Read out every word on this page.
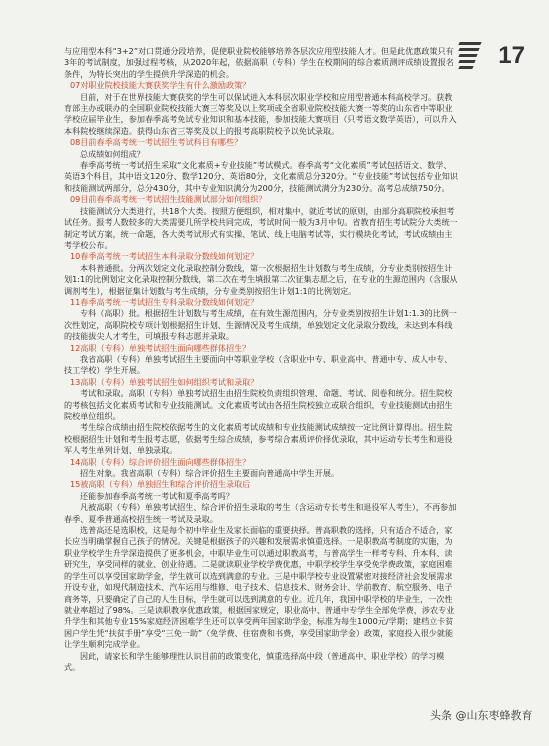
17

与应用型本科“3+2”对口贯通分段培养，促使职业院校能够培养各层次应用型技能人才。但是此优惠政策只有3年的考试制度，加强过程考核，从2020年起，依据高职（专科）学生在校期间的综合素质测评成绩设置报名条件，为特长突出的学生提供升学深造的机会。

07对职业院校技能大赛获奖学生有什么激励政策？

目前，对于在世界技能大赛获奖的学生可以保试进入本科层次职业学校和应用型普通本科高校学习。获教育部主办或联办的全国职业院校技能大赛三等奖及以上奖项或全省职业院校技能大赛一等奖的山东省中等职业学校应届毕业生，参加春季高考免试专业知识和基本技能，参加技能大赛项目（只考语文数学英语），可以升入本科院校继续深造。获得山东省三等奖及以上的报考高职院校予以免试录取。

08目前春季高考统一考试招生考试科目有哪些？

总成绩如何组成？

春季高考统一考试招生采取“文化素质+专业技能”考试模式。春季高考“文化素质”考试包括语文、数学、英语3个科目，其中语文120分、数学120分、英语80分，文化素质总分320分。“专业技能”考试包括专业知识和技能测试两部分，总分430分，其中专业知识满分为200分，技能测试满分为230分。高考总成绩750分。

09目前春季高考统一考试招生技能测试部分如何组织？

技能测试分大类进行，共18个大类。按照方便组织，相对集中，就近考试的原则，由部分高职院校承担考试任务。报考人数较多的大类需要几所学校共同完成，考试时间一般为3月中旬。省教育招生考试院分大类统一制定考试方案，统一命题，各大类考试形式有实操、笔试、线上电脑考试等，实行模块化考试，考试成绩由主考学校公布。

10春季高考统一考试招生本科录取分数线如何划定？

本科普通批。分两次划定文化录取控制分数线，第一次根据招生计划数与考生成绩，分专业类别按招生计划1:1的比例划定文化录取控制分数线，第二次在考生填报第二次征集志愿之后，在专业的生源范围内（含服从调剂考生），根据征集计划数与考生成绩，分专业类别按招生计划1:1的比例划定。

11春季高考统一考试招生专科录取分数线如何划定？

专科（高职）批。根据招生计划数与考生成绩，在有效生源范围内，分专业类别按招生计划1:1.3的比例一次性划定，高职院校专项计划根据招生计划、生源情况及考生成绩，单独划定文化录取分数线，未达到本科线的技能拔尖人才考生，可填报专科志愿并录取。

12高职（专科）单独考试招生面向哪些群体招生？

我省高职（专科）单独考试招生主要面向中等职业学校（含职业中专、职业高中、普通中专、成人中专、技工学校）学生开展。

13高职（专科）单独考试招生如何组织考试和录取？

考试和录取。高职（专科）单独考试招生由招生院校负责组织管理、命题、考试、阅卷和统分。招生院校的考核包括文化素质考试和专业技能测试。文化素质考试由各招生院校独立或联合组织，专业技能测试由招生院校单位组织。

考生综合成绩由招生院校依据考生的文化素质考试成绩和专业技能测试成绩按一定比例计算得出。招生院校根据招生计划和考生报考志愿，依据考生综合成绩，参考综合素质评价择优录取，其中运动专长考生和退役军人考生单列计划、单独录取。

14高职（专科）综合评价招生面向哪些群体招生？

招生对象。我省高职（专科）综合评价招生主要面向普通高中学生开展。

15被高职（专科）单独招生和综合评价招生录取后

还能参加春季高考统一考试和夏季高考吗？

凡被高职（专科）单独考试招生、综合评价招生录取的考生（含运动专长考生和退役军人考生），不再参加春季、夏季普通高校招生统一考试及录取。

选普高还是选职校，这是每个初中毕业生及家长面临的重要抉择。普高职教的选择，只有适合不适合，家长应当明确掌握自己孩子的情况。关键是根据孩子的兴趣和发展需求慎重选择。一是职教高考制度的实施，为职业学校学生升学深造提供了更多机会，中职毕业生可以通过职教高考，与普高学生一样考专科、升本科、读研究生，享受同样的就业、创业待遇。二是就读职业学校学费优惠，中职学校学生享受免学费政策，家庭困难的学生可以享受国家助学金，学生就可以选到满意的专业。三是中职学校专业设置紧密对接经济社会发展需求开设专业，如现代制造技术、汽车运用与维修、电子技术、信息技术、财务会计、学前教育、航空服务、电子商务等，只要确定了自己的人生目标，学生就可以选到满意的专业。近几年，我国中职学校的毕业生，一次性就业率超过了98%。三是读职教享优惠政策，根据国家规定，职业高中、普通中专学生全部免学费，涉农专业升学生和其他专业15%家庭经济困难学生还可以享受两年国家助学金，标准为每生1000元/学期；建档立卡贫困户学生凭“扶贫手册”享受“三免一助”（免学费、住宿费和书费，享受国家助学金）政策，家庭投入很少就能让学生顺利完成学业。

因此，请家长和学生能够理性认识目前的政策变化，慎重选择高中段（普通高中、职业学校）的学习模式。

头条 @山东枣蜂教育
